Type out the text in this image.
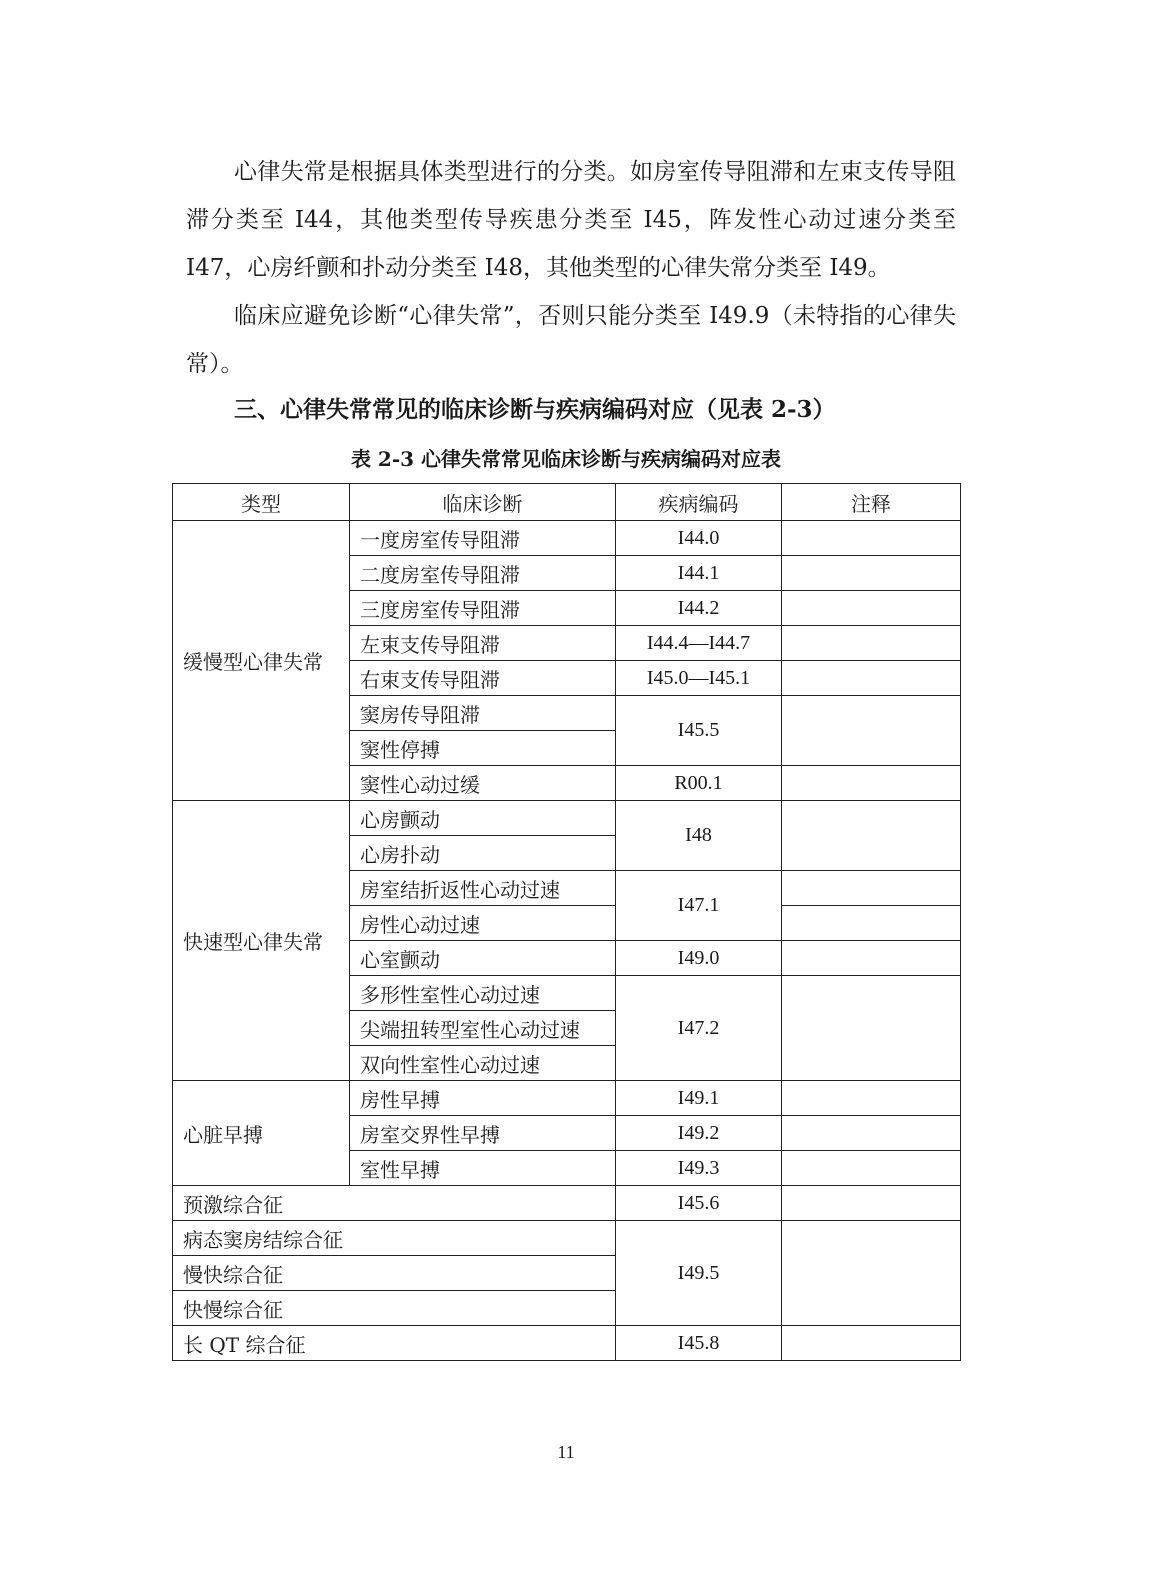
心律失常是根据具体类型进行的分类。如房室传导阻滞和左束支传导阻滞分类至 I44，其他类型传导疾患分类至 I45，阵发性心动过速分类至 I47，心房纤颤和扑动分类至 I48，其他类型的心律失常分类至 I49。

临床应避免诊断“心律失常”，否则只能分类至 I49.9（未特指的心律失常）。

三、心律失常常见的临床诊断与疾病编码对应（见表 2-3）

表 2-3 心律失常常见临床诊断与疾病编码对应表

类型	临床诊断	疾病编码	注释
缓慢型心律失常	一度房室传导阻滞	I44.0	
	二度房室传导阻滞	I44.1	
	三度房室传导阻滞	I44.2	
	左束支传导阻滞	I44.4—I44.7	
	右束支传导阻滞	I45.0—I45.1	
	窦房传导阻滞	I45.5	
	窦性停搏		
	窦性心动过缓	R00.1	
快速型心律失常	心房颤动	I48	
	心房扑动		
	房室结折返性心动过速	I47.1	
	房性心动过速		
	心室颤动	I49.0	
	多形性室性心动过速	I47.2	
	尖端扭转型室性心动过速		
	双向性室性心动过速		
心脏早搏	房性早搏	I49.1	
	房室交界性早搏	I49.2	
	室性早搏	I49.3	
预激综合征		I45.6	
病态窦房结综合征		I49.5	
慢快综合征			
快慢综合征			
长 QT 综合征		I45.8	
11
